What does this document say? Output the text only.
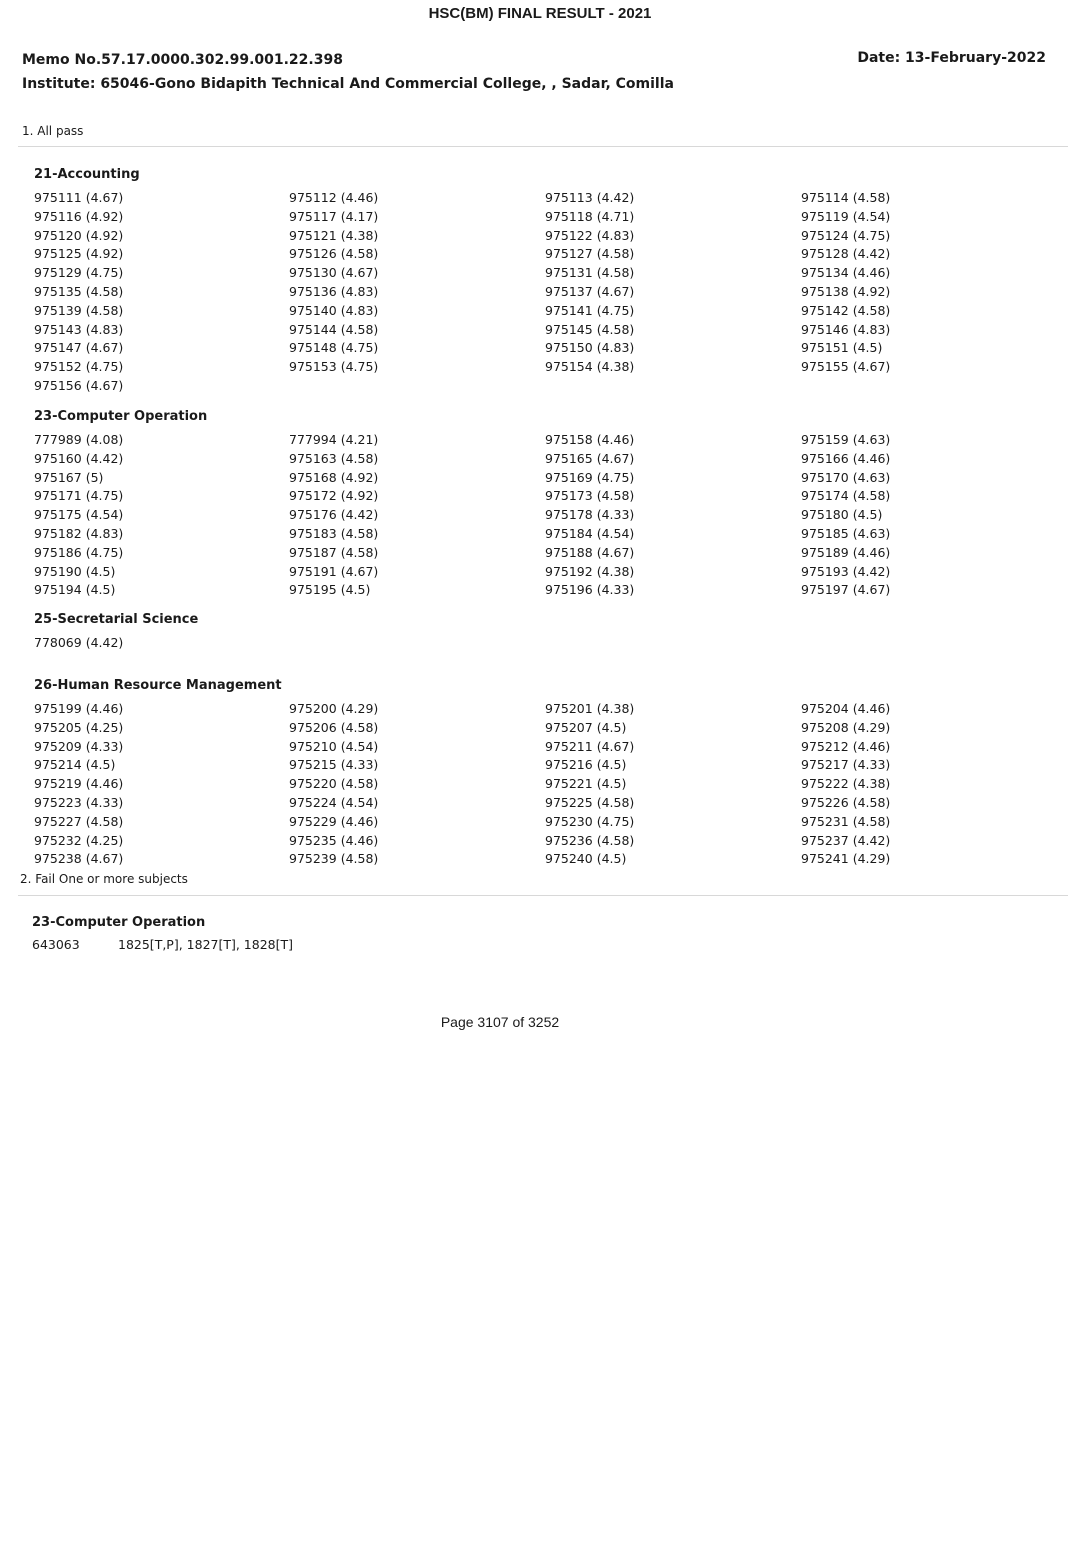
HSC(BM) FINAL RESULT - 2021
Memo No.57.17.0000.302.99.001.22.398	Date: 13-February-2022
Institute: 65046-Gono Bidapith Technical And Commercial College, , Sadar, Comilla
1. All pass
21-Accounting
975111 (4.67)	975112 (4.46)	975113 (4.42)	975114 (4.58)
975116 (4.92)	975117 (4.17)	975118 (4.71)	975119 (4.54)
975120 (4.92)	975121 (4.38)	975122 (4.83)	975124 (4.75)
975125 (4.92)	975126 (4.58)	975127 (4.58)	975128 (4.42)
975129 (4.75)	975130 (4.67)	975131 (4.58)	975134 (4.46)
975135 (4.58)	975136 (4.83)	975137 (4.67)	975138 (4.92)
975139 (4.58)	975140 (4.83)	975141 (4.75)	975142 (4.58)
975143 (4.83)	975144 (4.58)	975145 (4.58)	975146 (4.83)
975147 (4.67)	975148 (4.75)	975150 (4.83)	975151 (4.5)
975152 (4.75)	975153 (4.75)	975154 (4.38)	975155 (4.67)
975156 (4.67)
23-Computer Operation
777989 (4.08)	777994 (4.21)	975158 (4.46)	975159 (4.63)
975160 (4.42)	975163 (4.58)	975165 (4.67)	975166 (4.46)
975167 (5)	975168 (4.92)	975169 (4.75)	975170 (4.63)
975171 (4.75)	975172 (4.92)	975173 (4.58)	975174 (4.58)
975175 (4.54)	975176 (4.42)	975178 (4.33)	975180 (4.5)
975182 (4.83)	975183 (4.58)	975184 (4.54)	975185 (4.63)
975186 (4.75)	975187 (4.58)	975188 (4.67)	975189 (4.46)
975190 (4.5)	975191 (4.67)	975192 (4.38)	975193 (4.42)
975194 (4.5)	975195 (4.5)	975196 (4.33)	975197 (4.67)
25-Secretarial Science
778069 (4.42)
26-Human Resource Management
975199 (4.46)	975200 (4.29)	975201 (4.38)	975204 (4.46)
975205 (4.25)	975206 (4.58)	975207 (4.5)	975208 (4.29)
975209 (4.33)	975210 (4.54)	975211 (4.67)	975212 (4.46)
975214 (4.5)	975215 (4.33)	975216 (4.5)	975217 (4.33)
975219 (4.46)	975220 (4.58)	975221 (4.5)	975222 (4.38)
975223 (4.33)	975224 (4.54)	975225 (4.58)	975226 (4.58)
975227 (4.58)	975229 (4.46)	975230 (4.75)	975231 (4.58)
975232 (4.25)	975235 (4.46)	975236 (4.58)	975237 (4.42)
975238 (4.67)	975239 (4.58)	975240 (4.5)	975241 (4.29)
2. Fail One or more subjects
23-Computer Operation
643063	1825[T,P], 1827[T], 1828[T]
Page 3107 of 3252
